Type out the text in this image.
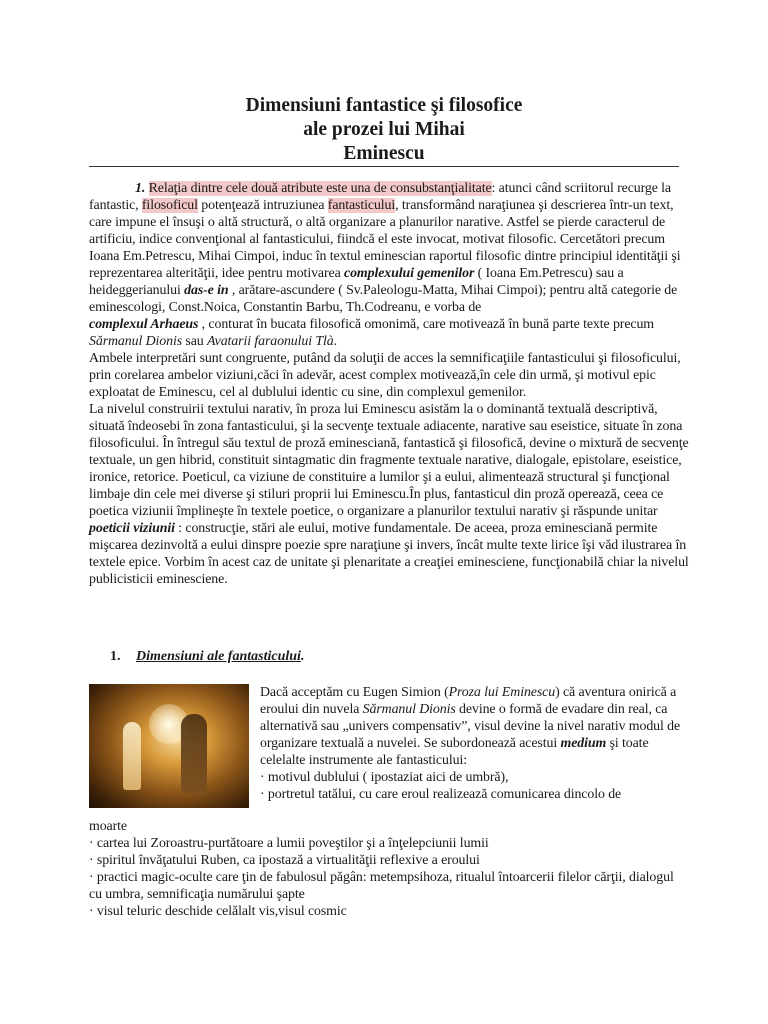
Dimensiuni fantastice şi filosofice
ale prozei lui Mihai
Eminescu

1. Relaţia dintre cele două atribute este una de consubstanţialitate: atunci când scriitorul recurge la fantastic, filosoficul potenţează intruziunea fantasticului, transformând naraţiunea şi descrierea într-un text, care impune el însuşi o altă structură, o altă organizare a planurilor narative. Astfel se pierde caracterul de artificiu, indice convenţional al fantasticului, fiindcă el este invocat, motivat filosofic. Cercetători precum Ioana Em.Petrescu, Mihai Cimpoi, induc în textul eminescian raportul filosofic dintre principiul identităţii şi reprezentarea alterităţii, idee pentru motivarea complexului gemenilor ( Ioana Em.Petrescu) sau a heideggerianului das-e in , arătare-ascundere ( Sv.Paleologu-Matta, Mihai Cimpoi); pentru altă categorie de eminescologi, Const.Noica, Constantin Barbu, Th.Codreanu, e vorba de
complexul Arhaeus , conturat în bucata filosofică omonimă, care motivează în bună parte texte precum Sărmanul Dionis sau Avatarii faraonului Tlà.

Ambele interpretări sunt congruente, putând da soluţii de acces la semnificaţiile fantasticului şi filosoficului, prin corelarea ambelor viziuni,căci în adevăr, acest complex motivează,în cele din urmă, şi motivul epic exploatat de Eminescu, cel al dublului identic cu sine, din complexul gemenilor.

La nivelul construirii textului narativ, în proza lui Eminescu asistăm la o dominantă textuală descriptivă, situată îndeosebi în zona fantasticului, şi la secvenţe textuale adiacente, narative sau eseistice, situate în zona filosoficului. În întregul său textul de proză eminesciană, fantastică şi filosofică, devine o mixtură de secvenţe textuale, un gen hibrid, constituit sintagmatic din fragmente textuale narative, dialogale, epistolare, eseistice, ironice, retorice. Poeticul, ca viziune de constituire a lumilor şi a eului, alimentează structural şi funcţional limbaje din cele mei diverse şi stiluri proprii lui Eminescu.În plus, fantasticul din proză operează, ceea ce poetica viziunii împlineşte în textele poetice, o organizare a planurilor textului narativ şi răspunde unitar poeticii viziunii : construcţie, stări ale eului, motive fundamentale. De aceea, proza eminesciană permite mişcarea dezinvoltă a eului dinspre poezie spre naraţiune şi invers, încât multe texte lirice îşi văd ilustrarea în textele epice. Vorbim în acest caz de unitate şi plenaritate a creaţiei eminesciene, funcţionabilă chiar la nivelul publicisticii eminesciene.

1. Dimensiuni ale fantasticului.

Dacă acceptăm cu Eugen Simion (Proza lui Eminescu) că aventura onirică a eroului din nuvela Sărmanul Dionis devine o formă de evadare din real, ca alternativă sau „univers compensativ”, visul devine la nivel narativ modul de organizare textuală a nuvelei. Se subordonează acestui medium şi toate celelalte instrumente ale fantasticului:

· motivul dublului ( ipostaziat aici de umbră),

· portretul tatălui, cu care eroul realizează comunicarea dincolo de

moarte

· cartea lui Zoroastru-purtătoare a lumii poveştilor şi a înţelepciunii lumii

· spiritul învăţatului Ruben, ca ipostază a virtualităţii reflexive a eroului

· practici magic-oculte care ţin de fabulosul păgân: metempsihoza, ritualul întoarcerii filelor cărţii, dialogul cu umbra, semnificaţia numărului şapte

· visul teluric deschide celălalt vis,visul cosmic
